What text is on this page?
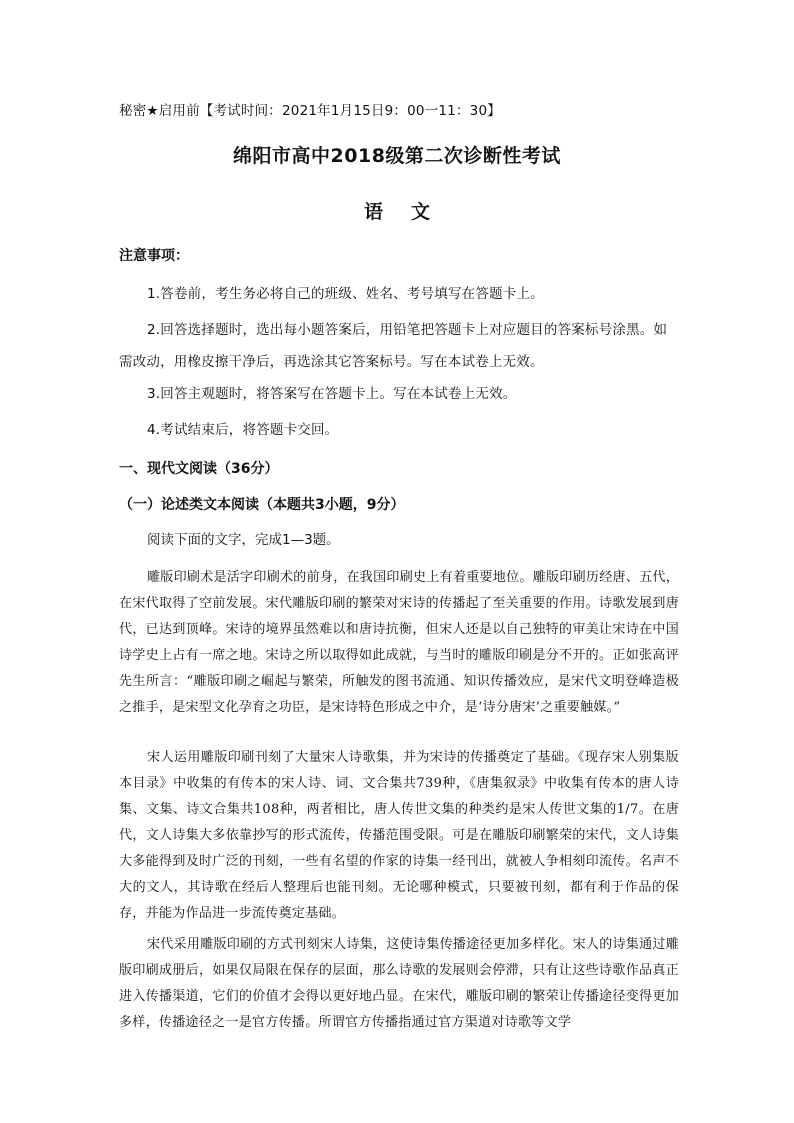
秘密★启用前【考试时间：2021年1月15日9：00一11：30】
绵阳市高中2018级第二次诊断性考试
语文
注意事项：
1.答卷前，考生务必将自己的班级、姓名、考号填写在答题卡上。
2.回答选择题时，选出每小题答案后，用铅笔把答题卡上对应题目的答案标号涂黑。如需改动，用橡皮擦干净后，再选涂其它答案标号。写在本试卷上无效。
3.回答主观题时，将答案写在答题卡上。写在本试卷上无效。
4.考试结束后，将答题卡交回。
一、现代文阅读（36分）
（一）论述类文本阅读（本题共3小题，9分）
阅读下面的文字，完成1—3题。
雕版印刷术是活字印刷术的前身，在我国印刷史上有着重要地位。雕版印刷历经唐、五代，在宋代取得了空前发展。宋代雕版印刷的繁荣对宋诗的传播起了至关重要的作用。诗歌发展到唐代，已达到顶峰。宋诗的境界虽然难以和唐诗抗衡，但宋人还是以自己独特的审美让宋诗在中国诗学史上占有一席之地。宋诗之所以取得如此成就，与当时的雕版印刷是分不开的。正如张高评先生所言：“雕版印刷之崛起与繁荣，所触发的图书流通、知识传播效应，是宋代文明登峰造极之推手，是宋型文化孕育之功臣，是宋诗特色形成之中介，是‘诗分唐宋’之重要触媒。”
宋人运用雕版印刷刊刻了大量宋人诗歌集，并为宋诗的传播奠定了基础。《现存宋人别集版本目录》中收集的有传本的宋人诗、词、文合集共739种，《唐集叙录》中收集有传本的唐人诗集、文集、诗文合集共108种，两者相比，唐人传世文集的种类约是宋人传世文集的1/7。在唐代，文人诗集大多依靠抄写的形式流传，传播范围受限。可是在雕版印刷繁荣的宋代，文人诗集大多能得到及时广泛的刊刻，一些有名望的作家的诗集一经刊出，就被人争相刻印流传。名声不大的文人，其诗歌在经后人整理后也能刊刻。无论哪种模式，只要被刊刻，都有利于作品的保存，并能为作品进一步流传奠定基础。
宋代采用雕版印刷的方式刊刻宋人诗集，这使诗集传播途径更加多样化。宋人的诗集通过雕版印刷成册后，如果仅局限在保存的层面，那么诗歌的发展则会停滞，只有让这些诗歌作品真正进入传播渠道，它们的价值才会得以更好地凸显。在宋代，雕版印刷的繁荣让传播途径变得更加多样，传播途径之一是官方传播。所谓官方传播指通过官方渠道对诗歌等文学
